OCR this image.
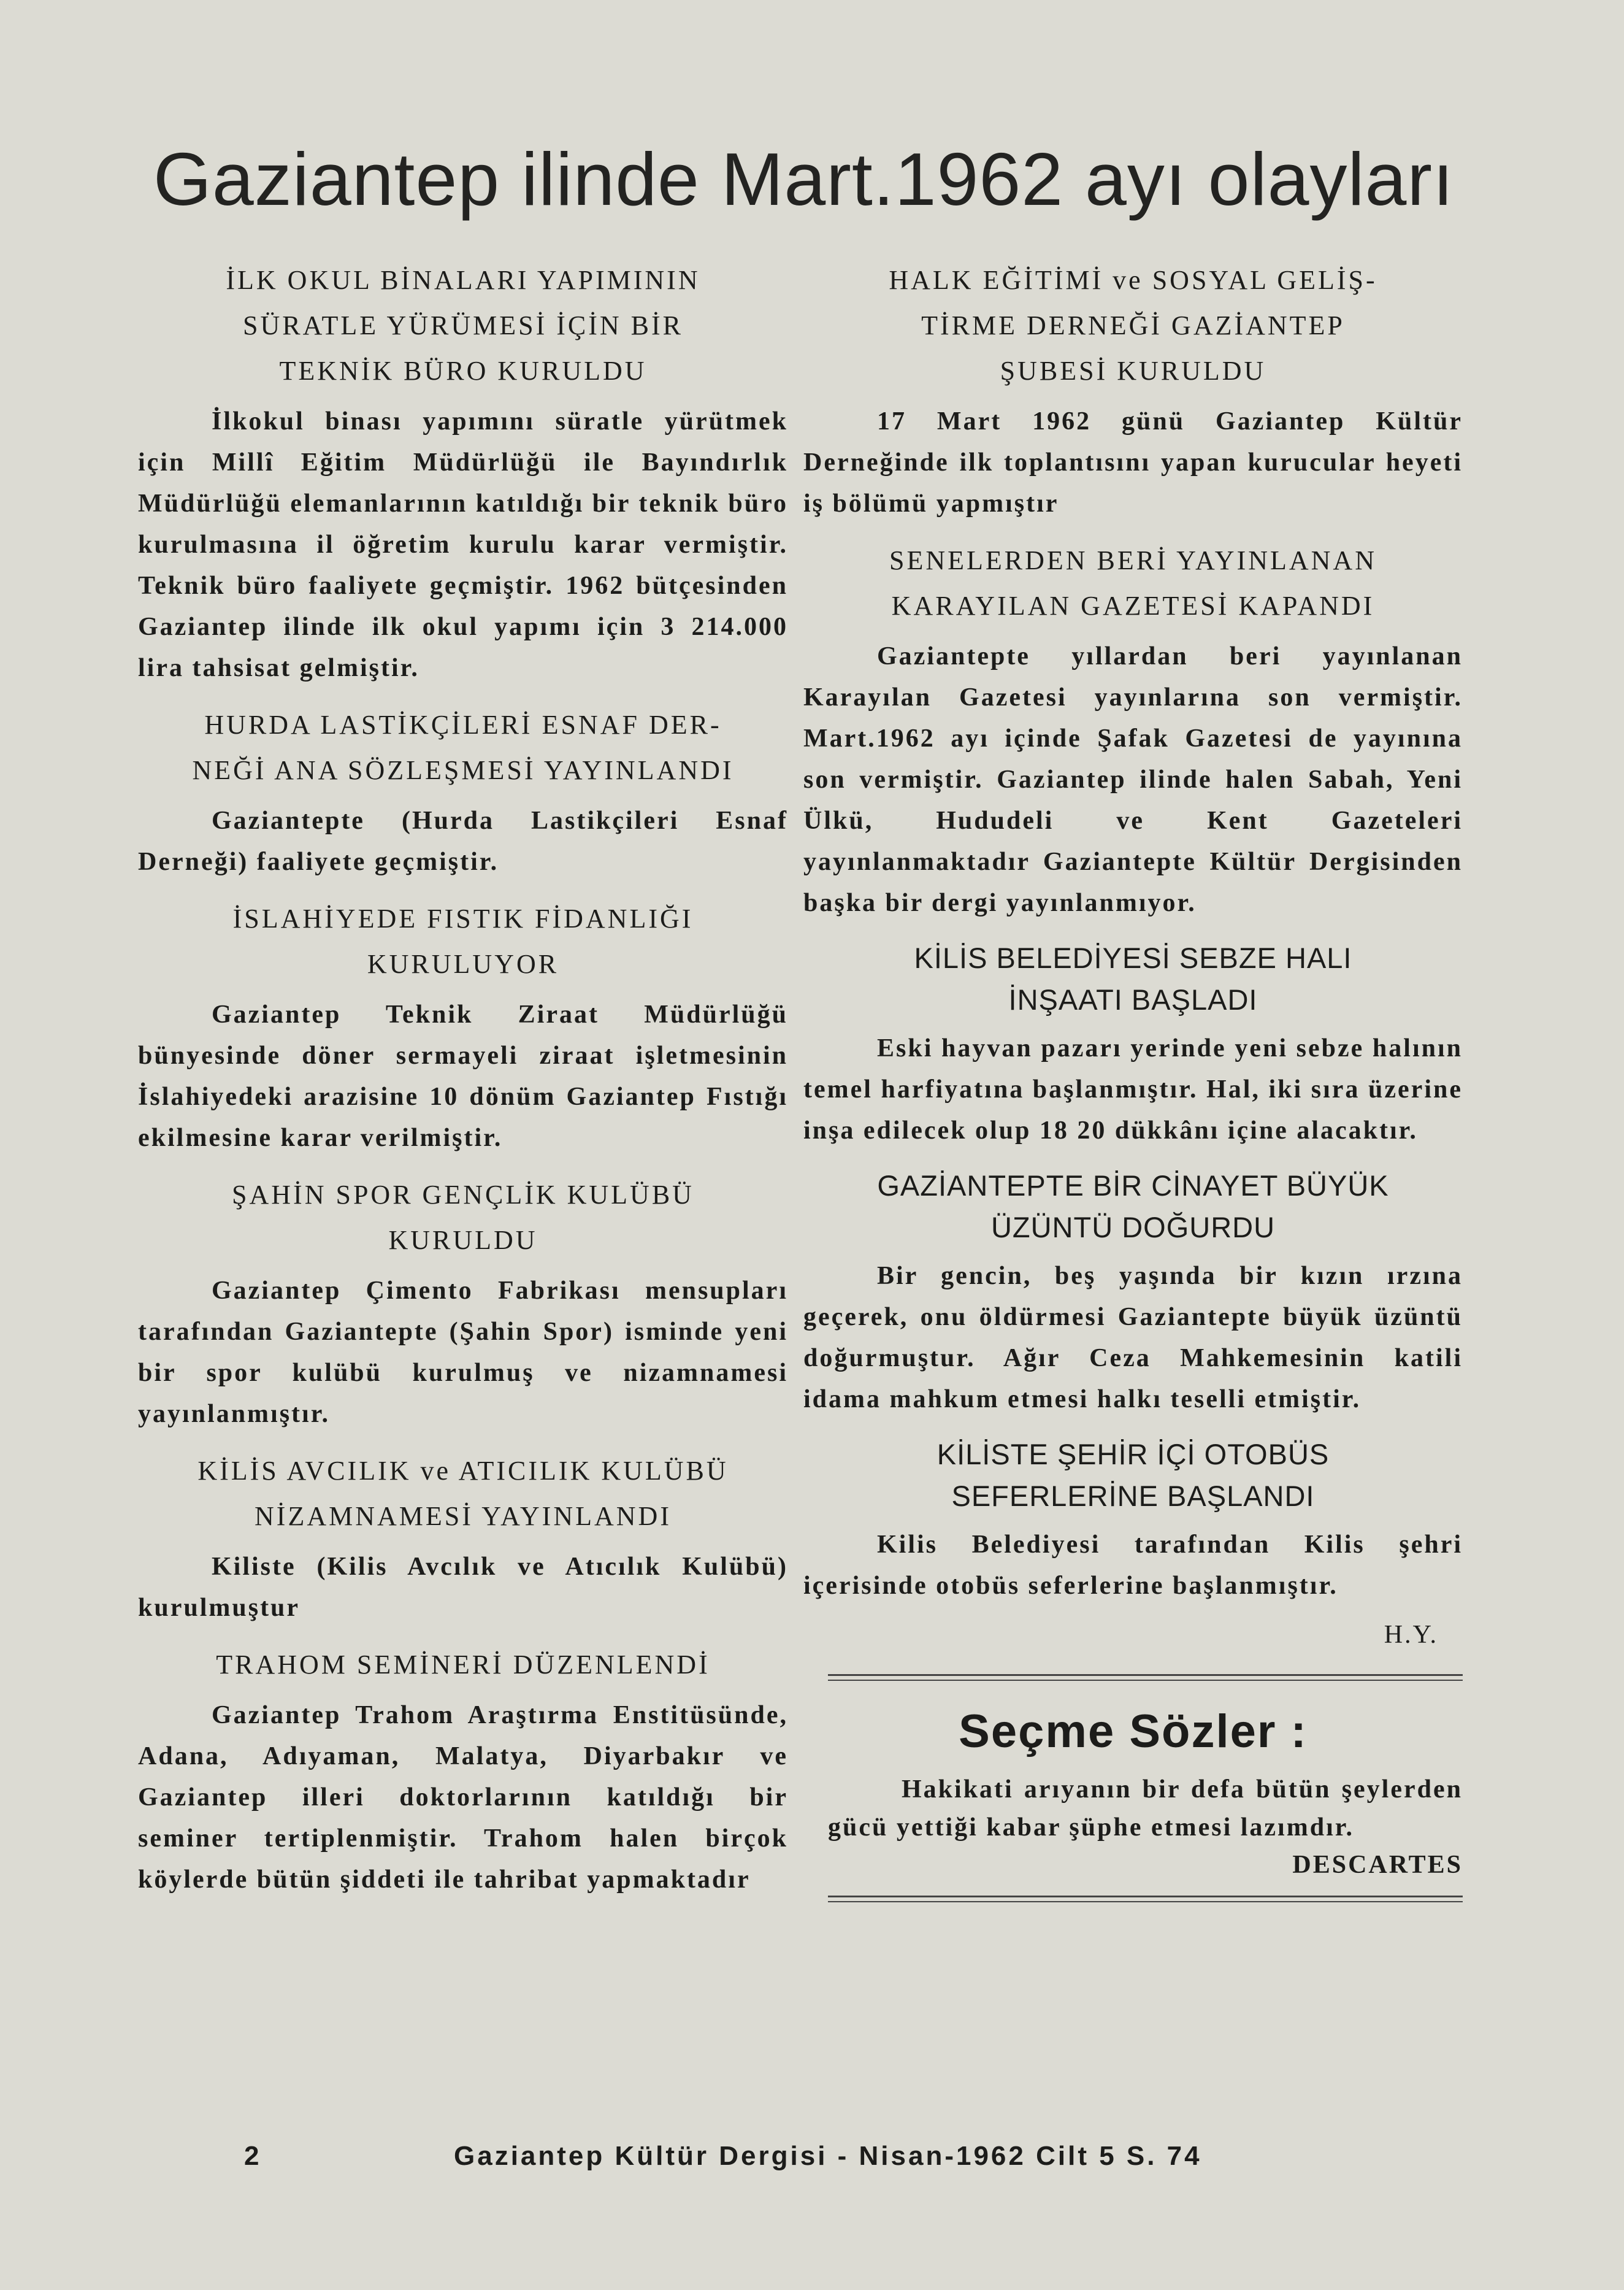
Gaziantep ilinde Mart.1962 ayı olayları

İLK OKUL BİNALARI YAPIMININ

SÜRATLE YÜRÜMESİ İÇİN BİR

TEKNİK BÜRO KURULDU

İlkokul binası yapımını süratle yürütmek için Millî Eğitim Müdürlüğü ile Bayındırlık Müdürlüğü elemanlarının katıldığı bir teknik büro kurulmasına il öğretim kurulu karar vermiştir. Teknik büro faaliyete geçmiştir. 1962 bütçesinden Gaziantep ilinde ilk okul yapımı için 3 214.000 lira tahsisat gelmiştir.

HURDA LASTİKÇİLERİ ESNAF DER-

NEĞİ ANA SÖZLEŞMESİ YAYINLANDI

Gaziantepte (Hurda Lastikçileri Esnaf Derneği) faaliyete geçmiştir.

İSLAHİYEDE FISTIK FİDANLIĞI

KURULUYOR

Gaziantep Teknik Ziraat Müdürlüğü bünyesinde döner sermayeli ziraat işletmesinin İslahiyedeki arazisine 10 dönüm Gaziantep Fıstığı ekilmesine karar verilmiştir.

ŞAHİN SPOR GENÇLİK KULÜBÜ

KURULDU

Gaziantep Çimento Fabrikası mensupları tarafından Gaziantepte (Şahin Spor) isminde yeni bir spor kulübü kurulmuş ve nizamnamesi yayınlanmıştır.

KİLİS AVCILIK ve ATICILIK KULÜBÜ

NİZAMNAMESİ YAYINLANDI

Kiliste (Kilis Avcılık ve Atıcılık Kulübü) kurulmuştur

TRAHOM SEMİNERİ DÜZENLENDİ

Gaziantep Trahom Araştırma Enstitüsünde, Adana, Adıyaman, Malatya, Diyarbakır ve Gaziantep illeri doktorlarının katıldığı bir seminer tertiplenmiştir. Trahom halen birçok köylerde bütün şiddeti ile tahribat yapmaktadır

HALK EĞİTİMİ ve SOSYAL GELİŞ-

TİRME DERNEĞİ GAZİANTEP

ŞUBESİ KURULDU

17 Mart 1962 günü Gaziantep Kültür Derneğinde ilk toplantısını yapan kurucular heyeti iş bölümü yapmıştır

SENELERDEN BERİ YAYINLANAN

KARAYILAN GAZETESİ KAPANDI

Gaziantepte yıllardan beri yayınlanan Karayılan Gazetesi yayınlarına son vermiştir. Mart.1962 ayı içinde Şafak Gazetesi de yayınına son vermiştir. Gaziantep ilinde halen Sabah, Yeni Ülkü, Hududeli ve Kent Gazeteleri yayınlanmaktadır Gaziantepte Kültür Dergisinden başka bir dergi yayınlanmıyor.

KİLİS BELEDİYESİ SEBZE HALI

İNŞAATI BAŞLADI

Eski hayvan pazarı yerinde yeni sebze halının temel harfiyatına başlanmıştır. Hal, iki sıra üzerine inşa edilecek olup 18 20 dükkânı içine alacaktır.

GAZİANTEPTE BİR CİNAYET BÜYÜK

ÜZÜNTÜ DOĞURDU

Bir gencin, beş yaşında bir kızın ırzına geçerek, onu öldürmesi Gaziantepte büyük üzüntü doğurmuştur. Ağır Ceza Mahkemesinin katili idama mahkum etmesi halkı teselli etmiştir.

KİLİSTE ŞEHİR İÇİ OTOBÜS

SEFERLERİNE BAŞLANDI

Kilis Belediyesi tarafından Kilis şehri içerisinde otobüs seferlerine başlanmıştır.

H.Y.

Seçme Sözler :

Hakikati arıyanın bir defa bütün şeylerden gücü yettiği kabar şüphe etmesi lazımdır.

DESCARTES
2	Gaziantep Kültür Dergisi - Nisan-1962 Cilt 5 S. 74
